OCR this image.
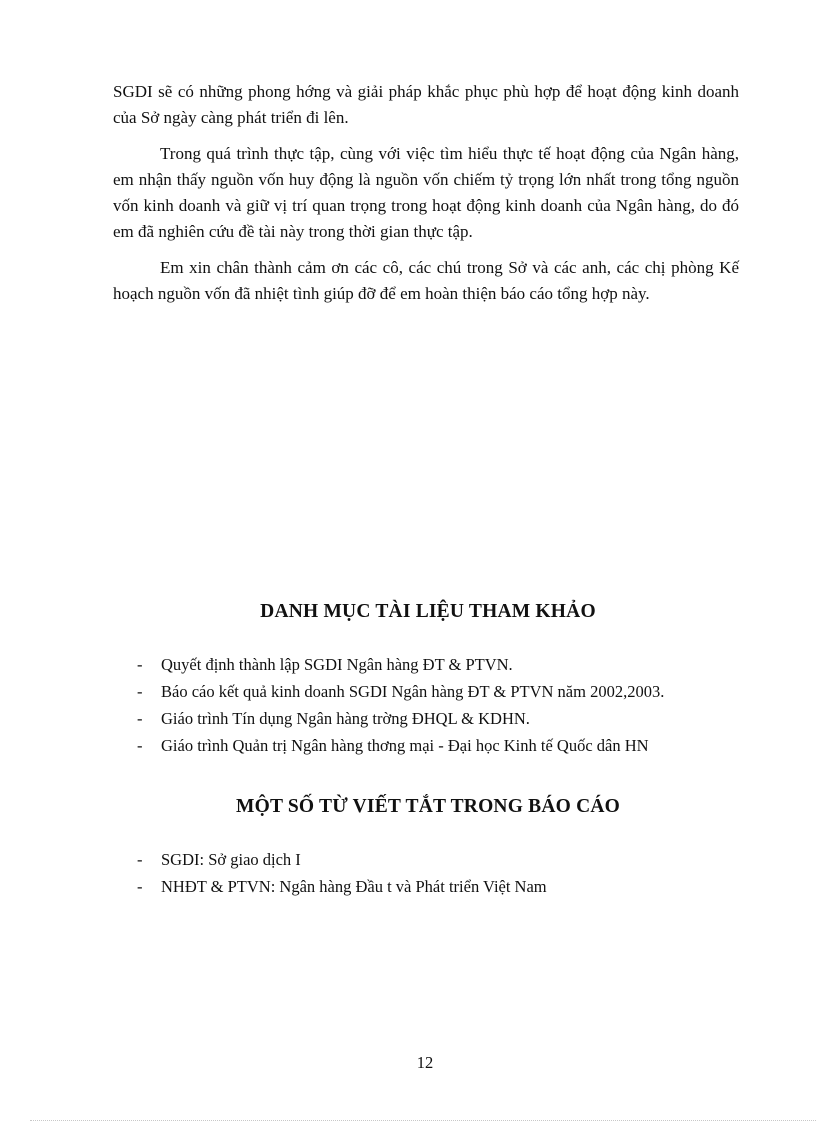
SGDI sẽ có những phong hớng và giải pháp khắc phục phù hợp để hoạt động kinh doanh của Sở ngày càng phát triển đi lên.

Trong quá trình thực tập, cùng với việc tìm hiểu thực tế hoạt động của Ngân hàng, em nhận thấy nguồn vốn huy động là nguồn vốn chiếm tỷ trọng lớn nhất trong tổng nguồn vốn kinh doanh và giữ vị trí quan trọng trong hoạt động kinh doanh của Ngân hàng, do đó em đã nghiên cứu đề tài này trong thời gian thực tập.

Em xin chân thành cảm ơn các cô, các chú trong Sở và các anh, các chị phòng Kế hoạch nguồn vốn đã nhiệt tình giúp đỡ để em hoàn thiện báo cáo tổng hợp này.

DANH MỤC TÀI LIỆU THAM KHẢO
- Quyết định thành lập SGDI Ngân hàng ĐT & PTVN.
- Báo cáo kết quả kinh doanh SGDI Ngân hàng ĐT & PTVN năm 2002,2003.
- Giáo trình Tín dụng Ngân hàng trờng ĐHQL & KDHN.
- Giáo trình Quản trị Ngân hàng thơng mại - Đại học Kinh tế Quốc dân HN
MỘT SỐ TỪ VIẾT TẮT TRONG BÁO CÁO
- SGDI: Sở giao dịch I
- NHĐT & PTVN: Ngân hàng Đầu t và Phát triển Việt Nam

12
